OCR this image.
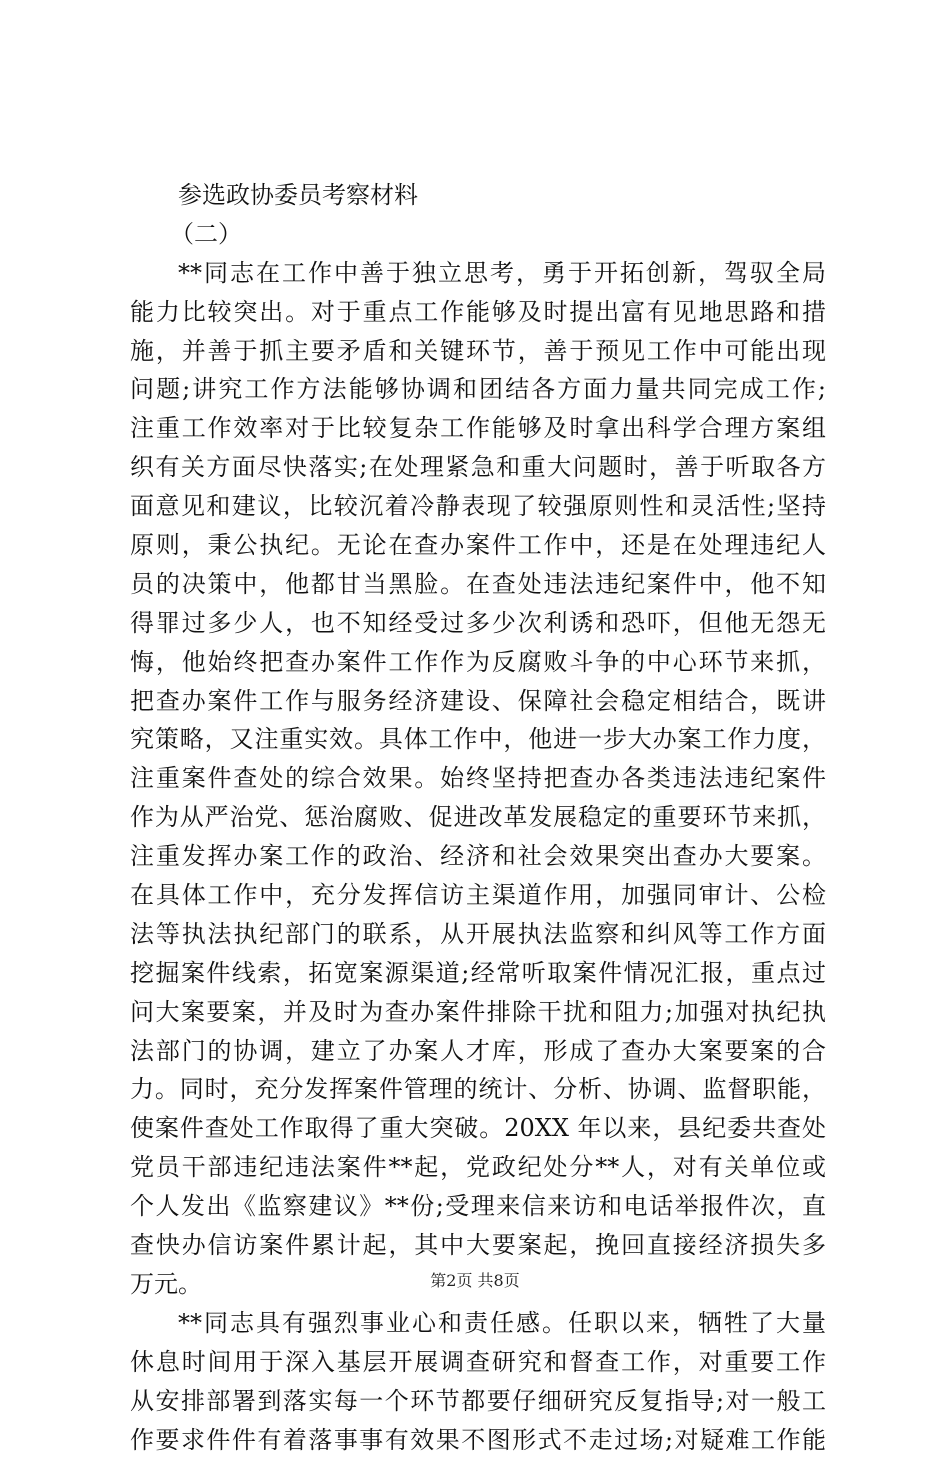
参选政协委员考察材料
（二）
**同志在工作中善于独立思考，勇于开拓创新，驾驭全局
能力比较突出。对于重点工作能够及时提出富有见地思路和措
施，并善于抓主要矛盾和关键环节，善于预见工作中可能出现
问题;讲究工作方法能够协调和团结各方面力量共同完成工作;
注重工作效率对于比较复杂工作能够及时拿出科学合理方案组
织有关方面尽快落实;在处理紧急和重大问题时，善于听取各方
面意见和建议，比较沉着冷静表现了较强原则性和灵活性;坚持
原则，秉公执纪。无论在查办案件工作中，还是在处理违纪人
员的决策中，他都甘当黑脸。在查处违法违纪案件中，他不知
得罪过多少人，也不知经受过多少次利诱和恐吓，但他无怨无
悔，他始终把查办案件工作作为反腐败斗争的中心环节来抓，
把查办案件工作与服务经济建设、保障社会稳定相结合，既讲
究策略，又注重实效。具体工作中，他进一步大办案工作力度，
注重案件查处的综合效果。始终坚持把查办各类违法违纪案件
作为从严治党、惩治腐败、促进改革发展稳定的重要环节来抓，
注重发挥办案工作的政治、经济和社会效果突出查办大要案。
在具体工作中，充分发挥信访主渠道作用，加强同审计、公检
法等执法执纪部门的联系，从开展执法监察和纠风等工作方面
挖掘案件线索，拓宽案源渠道;经常听取案件情况汇报，重点过
问大案要案，并及时为查办案件排除干扰和阻力;加强对执纪执
法部门的协调，建立了办案人才库，形成了查办大案要案的合
力。同时，充分发挥案件管理的统计、分析、协调、监督职能，
使案件查处工作取得了重大突破。20XX 年以来，县纪委共查处
党员干部违纪违法案件**起，党政纪处分**人，对有关单位或
个人发出《监察建议》**份;受理来信来访和电话举报件次，直
查快办信访案件累计起，其中大要案起，挽回直接经济损失多
万元。
**同志具有强烈事业心和责任感。任职以来，牺牲了大量
休息时间用于深入基层开展调查研究和督查工作，对重要工作
从安排部署到落实每一个环节都要仔细研究反复指导;对一般工
作要求件件有着落事事有效果不图形式不走过场;对疑难工作能
第2页 共8页
